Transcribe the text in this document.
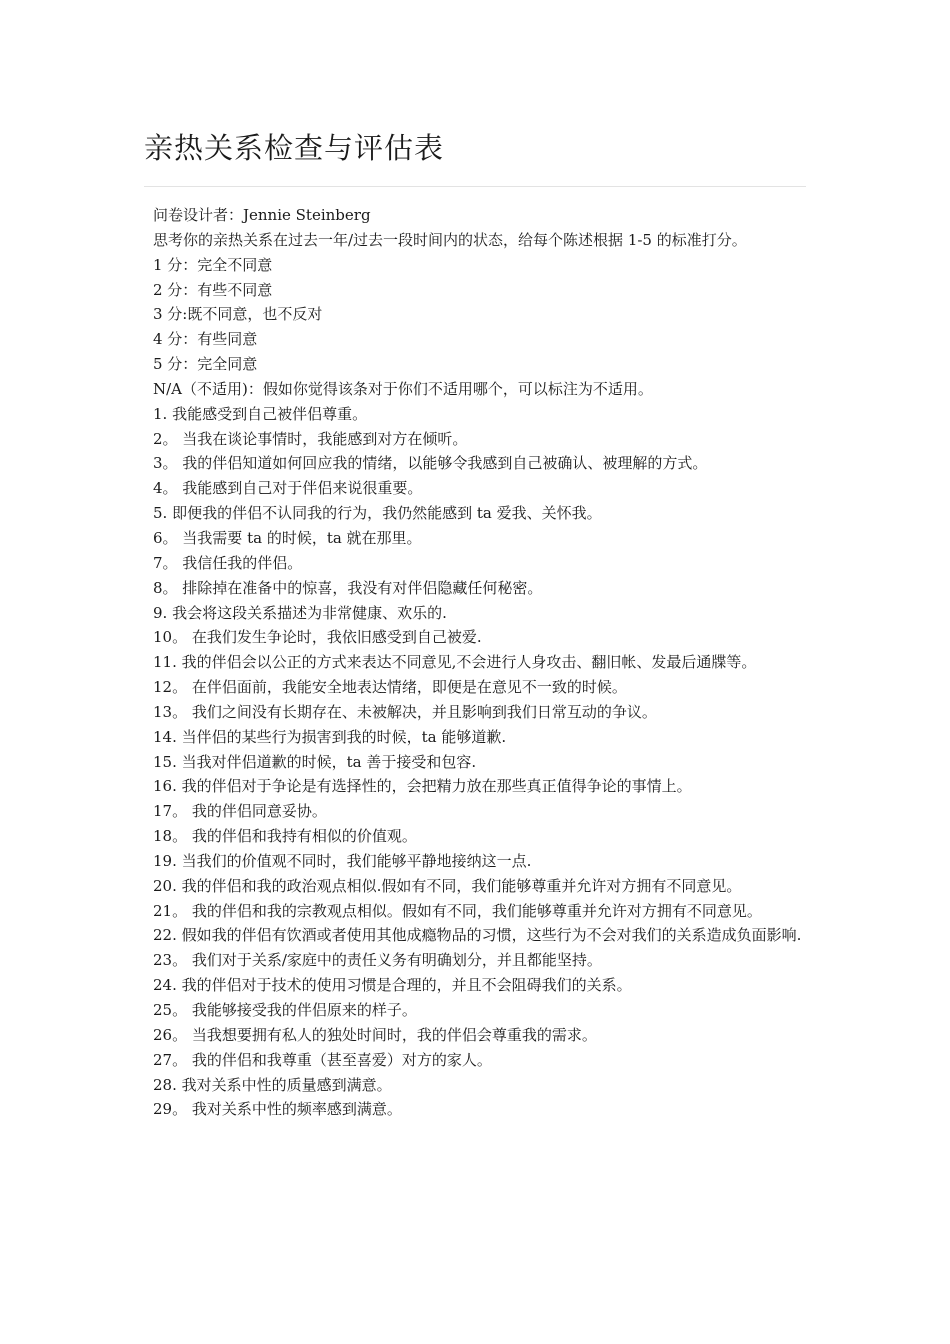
亲热关系检查与评估表
问卷设计者：Jennie Steinberg
思考你的亲热关系在过去一年/过去一段时间内的状态，给每个陈述根据 1-5 的标准打分。
1 分：完全不同意
2 分：有些不同意
3 分:既不同意，也不反对
4 分：有些同意
5 分：完全同意
N/A（不适用)：假如你觉得该条对于你们不适用哪个，可以标注为不适用。
1. 我能感受到自己被伴侣尊重。
2。 当我在谈论事情时，我能感到对方在倾听。
3。 我的伴侣知道如何回应我的情绪，以能够令我感到自己被确认、被理解的方式。
4。 我能感到自己对于伴侣来说很重要。
5. 即便我的伴侣不认同我的行为，我仍然能感到 ta 爱我、关怀我。
6。 当我需要 ta 的时候，ta 就在那里。
7。 我信任我的伴侣。
8。 排除掉在准备中的惊喜，我没有对伴侣隐藏任何秘密。
9. 我会将这段关系描述为非常健康、欢乐的.
10。 在我们发生争论时，我依旧感受到自己被爱.
11. 我的伴侣会以公正的方式来表达不同意见,不会进行人身攻击、翻旧帐、发最后通牒等。
12。 在伴侣面前，我能安全地表达情绪，即便是在意见不一致的时候。
13。 我们之间没有长期存在、未被解决，并且影响到我们日常互动的争议。
14. 当伴侣的某些行为损害到我的时候，ta 能够道歉.
15. 当我对伴侣道歉的时候，ta 善于接受和包容.
16. 我的伴侣对于争论是有选择性的，会把精力放在那些真正值得争论的事情上。
17。 我的伴侣同意妥协。
18。 我的伴侣和我持有相似的价值观。
19. 当我们的价值观不同时，我们能够平静地接纳这一点.
20. 我的伴侣和我的政治观点相似.假如有不同，我们能够尊重并允许对方拥有不同意见。
21。 我的伴侣和我的宗教观点相似。假如有不同，我们能够尊重并允许对方拥有不同意见。
22. 假如我的伴侣有饮酒或者使用其他成瘾物品的习惯，这些行为不会对我们的关系造成负面影响.
23。 我们对于关系/家庭中的责任义务有明确划分，并且都能坚持。
24. 我的伴侣对于技术的使用习惯是合理的，并且不会阻碍我们的关系。
25。 我能够接受我的伴侣原来的样子。
26。 当我想要拥有私人的独处时间时，我的伴侣会尊重我的需求。
27。 我的伴侣和我尊重（甚至喜爱）对方的家人。
28. 我对关系中性的质量感到满意。
29。 我对关系中性的频率感到满意。
